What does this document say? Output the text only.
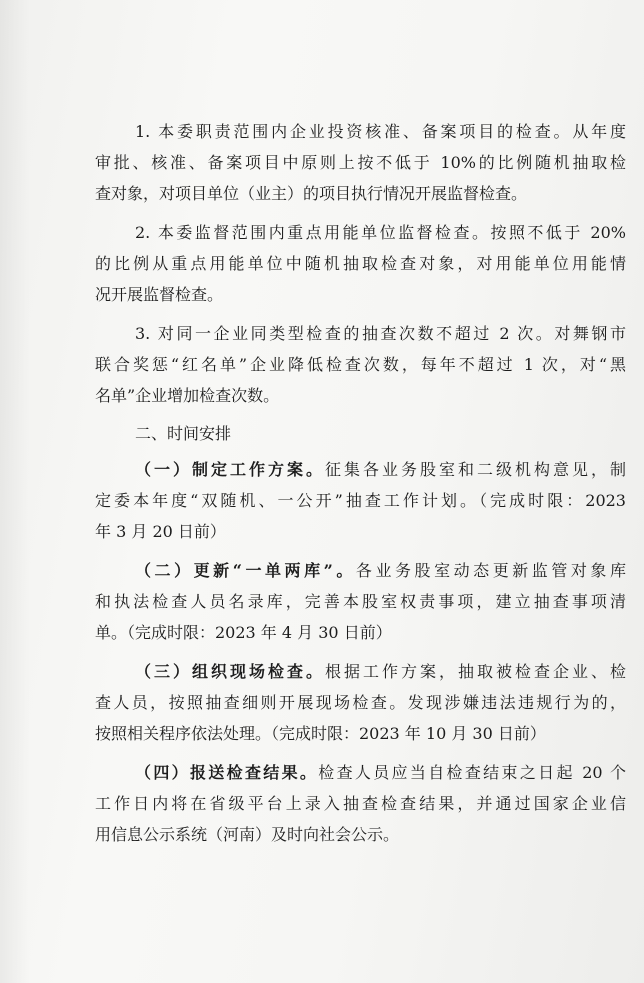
1. 本委职责范围内企业投资核准、备案项目的检查。从年度
审批、核准、备案项目中原则上按不低于 10%的比例随机抽取检
查对象，对项目单位（业主）的项目执行情况开展监督检查。
2. 本委监督范围内重点用能单位监督检查。按照不低于 20%
的比例从重点用能单位中随机抽取检查对象，对用能单位用能情
况开展监督检查。
3. 对同一企业同类型检查的抽查次数不超过 2 次。对舞钢市
联合奖惩“红名单”企业降低检查次数，每年不超过 1 次，对“黑
名单”企业增加检查次数。
二、时间安排
（一）制定工作方案。征集各业务股室和二级机构意见，制
定委本年度“双随机、一公开”抽查工作计划。（完成时限：2023
年 3 月 20 日前）
（二）更新“一单两库”。各业务股室动态更新监管对象库
和执法检查人员名录库，完善本股室权责事项，建立抽查事项清
单。（完成时限：2023 年 4 月 30 日前）
（三）组织现场检查。根据工作方案，抽取被检查企业、检
查人员，按照抽查细则开展现场检查。发现涉嫌违法违规行为的，
按照相关程序依法处理。（完成时限：2023 年 10 月 30 日前）
（四）报送检查结果。检查人员应当自检查结束之日起 20 个
工作日内将在省级平台上录入抽查检查结果，并通过国家企业信
用信息公示系统（河南）及时向社会公示。
